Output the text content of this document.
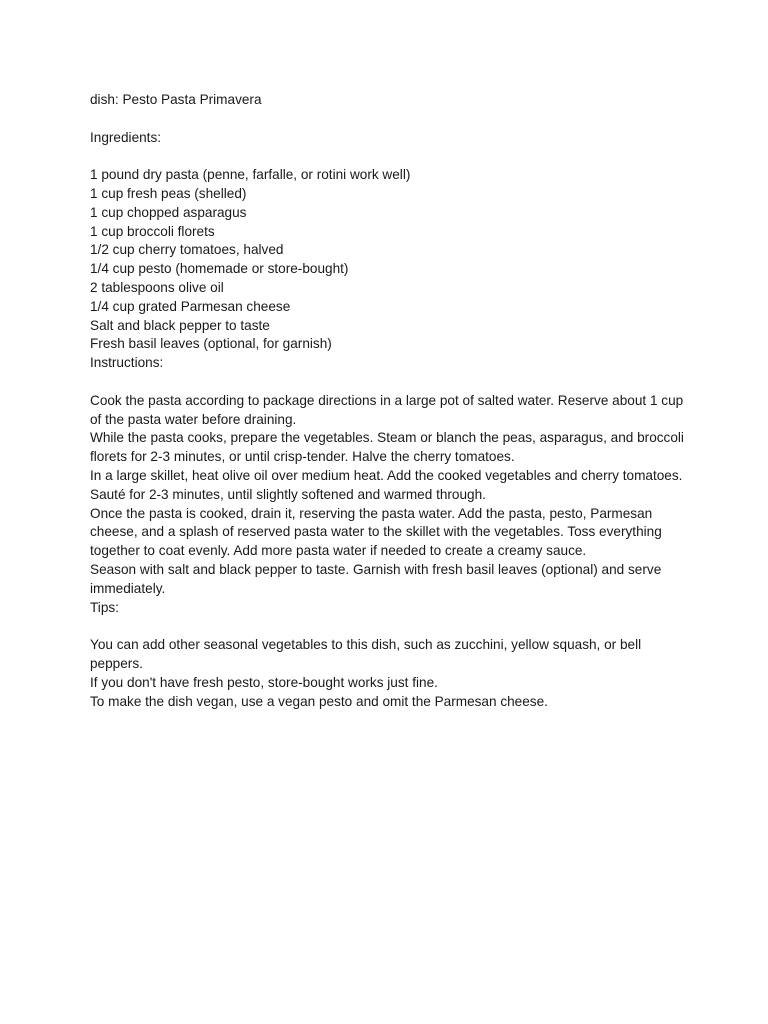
dish: Pesto Pasta Primavera
Ingredients:
1 pound dry pasta (penne, farfalle, or rotini work well)
1 cup fresh peas (shelled)
1 cup chopped asparagus
1 cup broccoli florets
1/2 cup cherry tomatoes, halved
1/4 cup pesto (homemade or store-bought)
2 tablespoons olive oil
1/4 cup grated Parmesan cheese
Salt and black pepper to taste
Fresh basil leaves (optional, for garnish)
Instructions:
Cook the pasta according to package directions in a large pot of salted water. Reserve about 1 cup of the pasta water before draining.
While the pasta cooks, prepare the vegetables. Steam or blanch the peas, asparagus, and broccoli florets for 2-3 minutes, or until crisp-tender. Halve the cherry tomatoes.
In a large skillet, heat olive oil over medium heat. Add the cooked vegetables and cherry tomatoes. Sauté for 2-3 minutes, until slightly softened and warmed through.
Once the pasta is cooked, drain it, reserving the pasta water. Add the pasta, pesto, Parmesan cheese, and a splash of reserved pasta water to the skillet with the vegetables. Toss everything together to coat evenly. Add more pasta water if needed to create a creamy sauce.
Season with salt and black pepper to taste. Garnish with fresh basil leaves (optional) and serve immediately.
Tips:
You can add other seasonal vegetables to this dish, such as zucchini, yellow squash, or bell peppers.
If you don't have fresh pesto, store-bought works just fine.
To make the dish vegan, use a vegan pesto and omit the Parmesan cheese.
